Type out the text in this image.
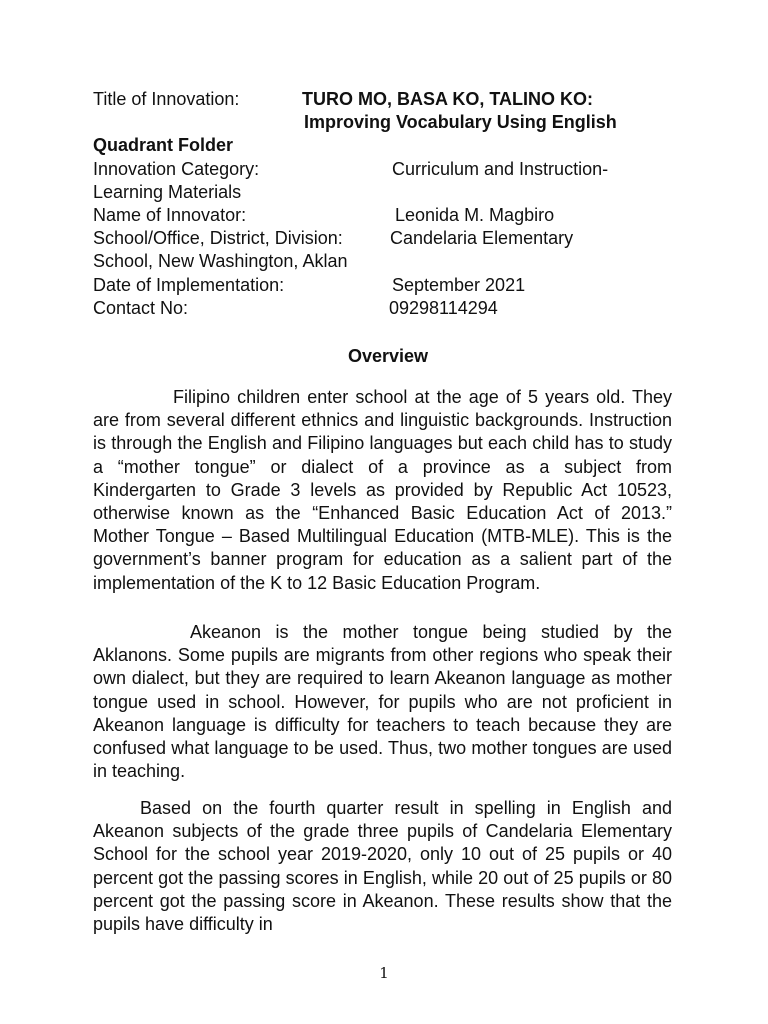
Title of Innovation:	TURO MO, BASA KO, TALINO KO:
Improving Vocabulary Using English
Quadrant Folder
Innovation Category:	Curriculum and Instruction-
Learning Materials
Name of Innovator:	Leonida M. Magbiro
School/Office, District, Division:	Candelaria Elementary
School, New Washington, Aklan
Date of Implementation:	September 2021
Contact No:	09298114294
Overview

Filipino children enter school at the age of 5 years old. They are from several different ethnics and linguistic backgrounds. Instruction is through the English and Filipino languages but each child has to study a “mother tongue” or dialect of a province as a subject from Kindergarten to Grade 3 levels as provided by Republic Act 10523, otherwise known as the “Enhanced Basic Education Act of 2013.” Mother Tongue – Based Multilingual Education (MTB-MLE). This is the government’s banner program for education as a salient part of the implementation of the K to 12 Basic Education Program.

Akeanon is the mother tongue being studied by the Aklanons. Some pupils are migrants from other regions who speak their own dialect, but they are required to learn Akeanon language as mother tongue used in school. However, for pupils who are not proficient in Akeanon language is difficulty for teachers to teach because they are confused what language to be used. Thus, two mother tongues are used in teaching.

Based on the fourth quarter result in spelling in English and Akeanon subjects of the grade three pupils of Candelaria Elementary School for the school year 2019-2020, only 10 out of 25 pupils or 40 percent got the passing scores in English, while 20 out of 25 pupils or 80 percent got the passing score in Akeanon. These results show that the pupils have difficulty in

1
